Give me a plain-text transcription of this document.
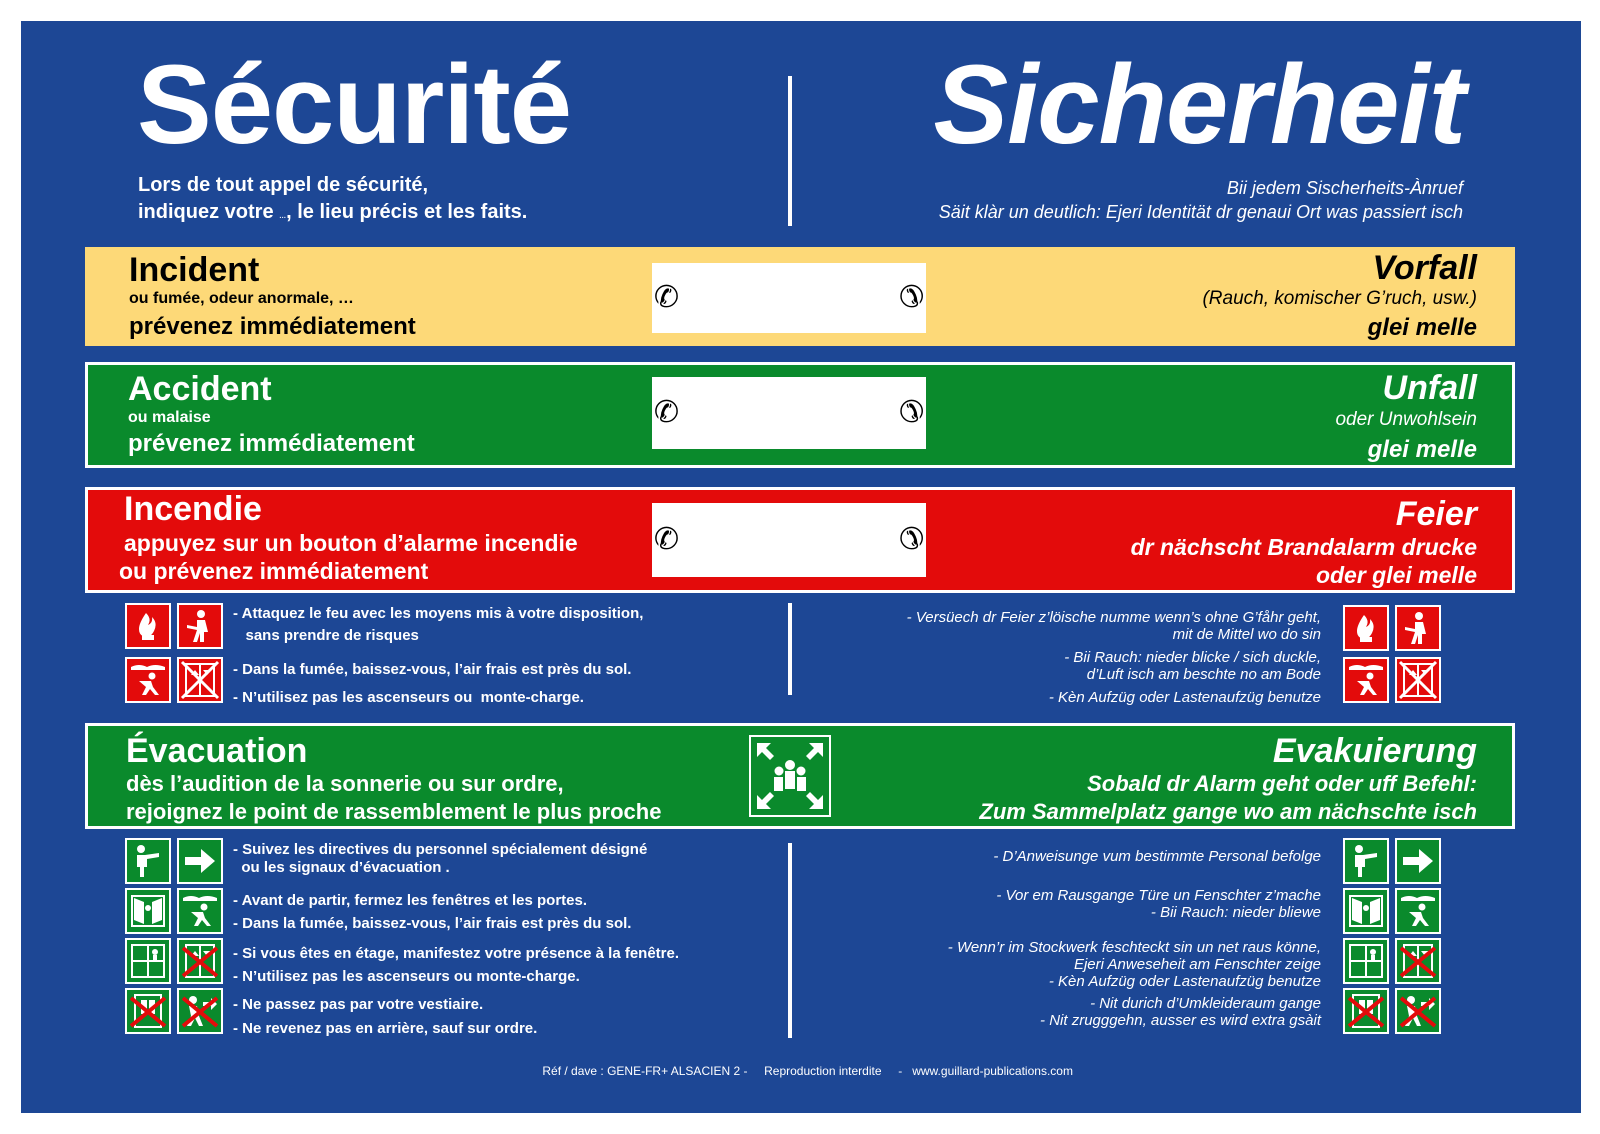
Sécurité	Sicherheit
Lors de tout appel de sécurité,
indiquez votre …, le lieu précis et les faits.
Bii jedem Sischerheits-Ànruef
Säit klàr un deutlich: Ejeri Identität dr genaui Ort was passiert isch
Incident
ou fumée, odeur anormale, …
prévenez immédiatement
Vorfall
(Rauch, komischer G’ruch, usw.)
glei melle
✆	✆
Accident
ou malaise
prévenez immédiatement
Unfall
oder Unwohlsein
glei melle
✆	✆
Incendie
appuyez sur un bouton d’alarme incendie
ou prévenez immédiatement
Feier
dr nächscht Brandalarm drucke
oder glei melle
✆	✆
- Attaquez le feu avec les moyens mis à votre disposition,
sans prendre de risques
- Dans la fumée, baissez-vous, l’air frais est près du sol.
- N’utilisez pas les ascenseurs ou  monte-charge.
- Versüech dr Feier z’löische numme wenn’s ohne G’fåhr geht,
mit de Mittel wo do sin
- Bii Rauch: nieder blicke / sich duckle,
d’Luft isch am beschte no am Bode
- Kèn Aufzüg oder Lastenaufzüg benutze
Évacuation
dès l’audition de la sonnerie ou sur ordre,
rejoignez le point de rassemblement le plus proche
Evakuierung
Sobald dr Alarm geht oder uff Befehl:
Zum Sammelplatz gange wo am nächschte isch
- Suivez les directives du personnel spécialement désigné
ou les signaux d’évacuation .
- Avant de partir, fermez les fenêtres et les portes.
- Dans la fumée, baissez-vous, l’air frais est près du sol.
- Si vous êtes en étage, manifestez votre présence à la fenêtre.
- N’utilisez pas les ascenseurs ou monte-charge.
- Ne passez pas par votre vestiaire.
- Ne revenez pas en arrière, sauf sur ordre.
- D’Anweisunge vum bestimmte Personal befolge
- Vor em Rausgange Türe un Fenschter z’mache
- Bii Rauch: nieder bliewe
- Wenn’r im Stockwerk feschteckt sin un net raus könne,
Ejeri Anweseheit am Fenschter zeige
- Kèn Aufzüg oder Lastenaufzüg benutze
- Nit durich d’Umkleideraum gange
- Nit zrugggehn, ausser es wird extra gsàit

Réf / dave : GENE-FR+ ALSACIEN 2 - Reproduction interdite - www.guillard-publications.com
